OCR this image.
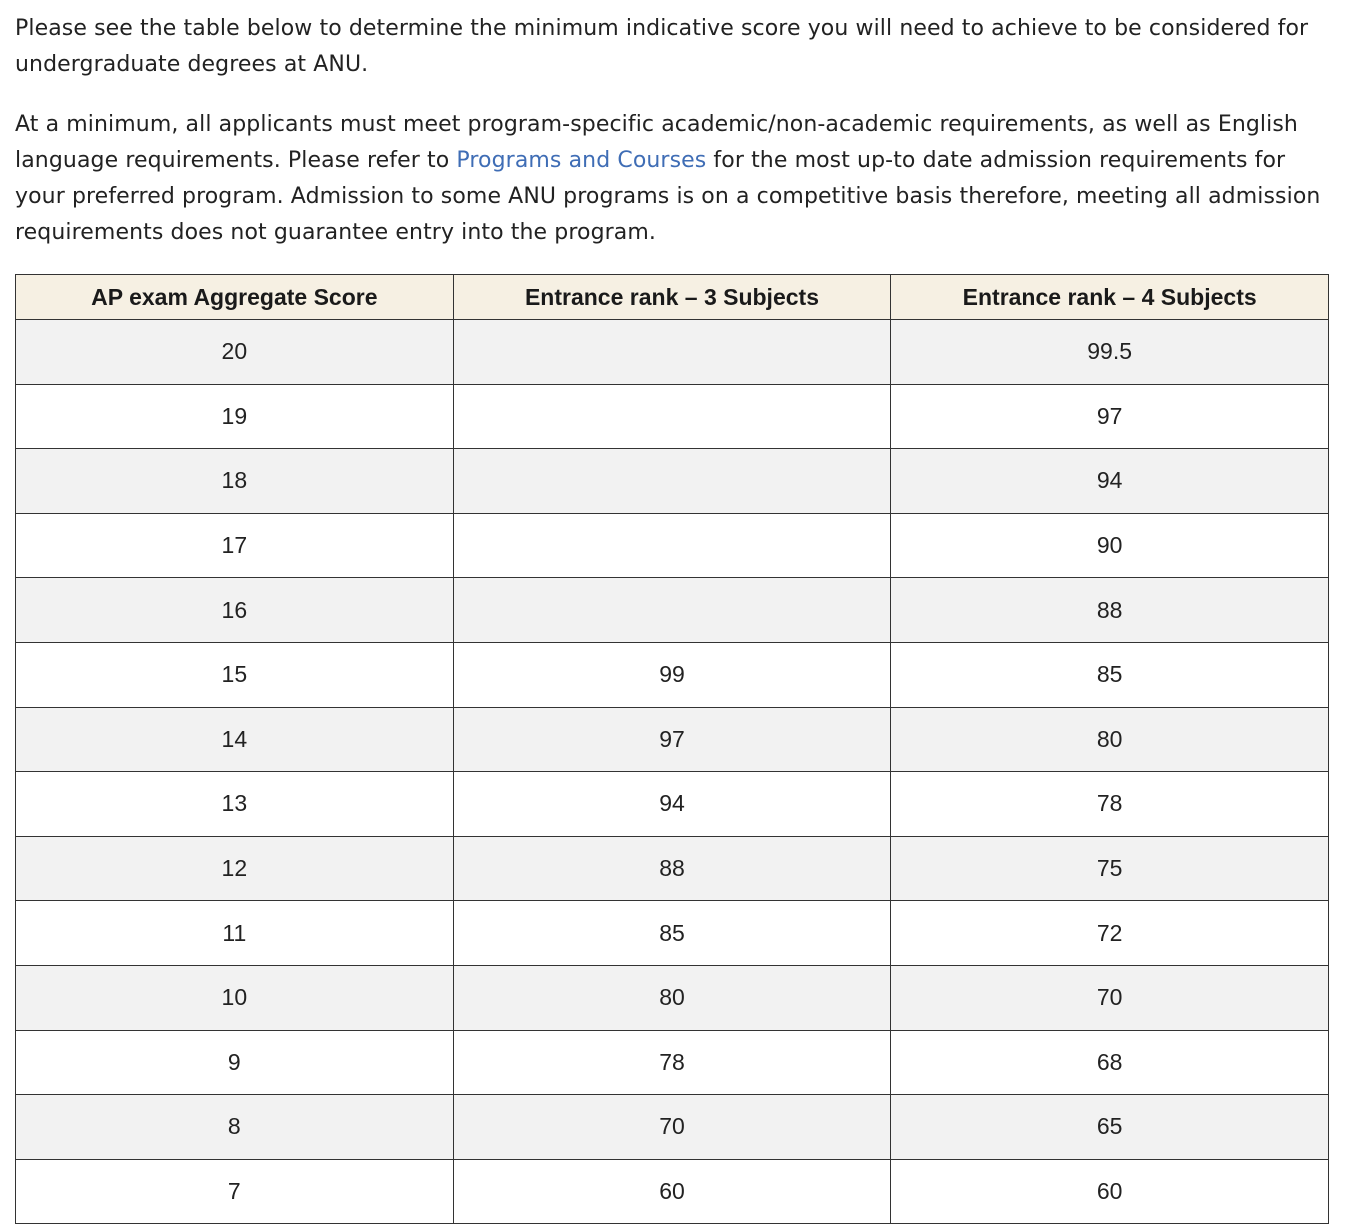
Please see the table below to determine the minimum indicative score you will need to achieve to be considered for undergraduate degrees at ANU.

At a minimum, all applicants must meet program-specific academic/non-academic requirements, as well as English language requirements. Please refer to Programs and Courses for the most up-to date admission requirements for your preferred program. Admission to some ANU programs is on a competitive basis therefore, meeting all admission requirements does not guarantee entry into the program.

AP exam Aggregate Score	Entrance rank – 3 Subjects	Entrance rank – 4 Subjects
20		99.5
19		97
18		94
17		90
16		88
15	99	85
14	97	80
13	94	78
12	88	75
11	85	72
10	80	70
9	78	68
8	70	65
7	60	60
